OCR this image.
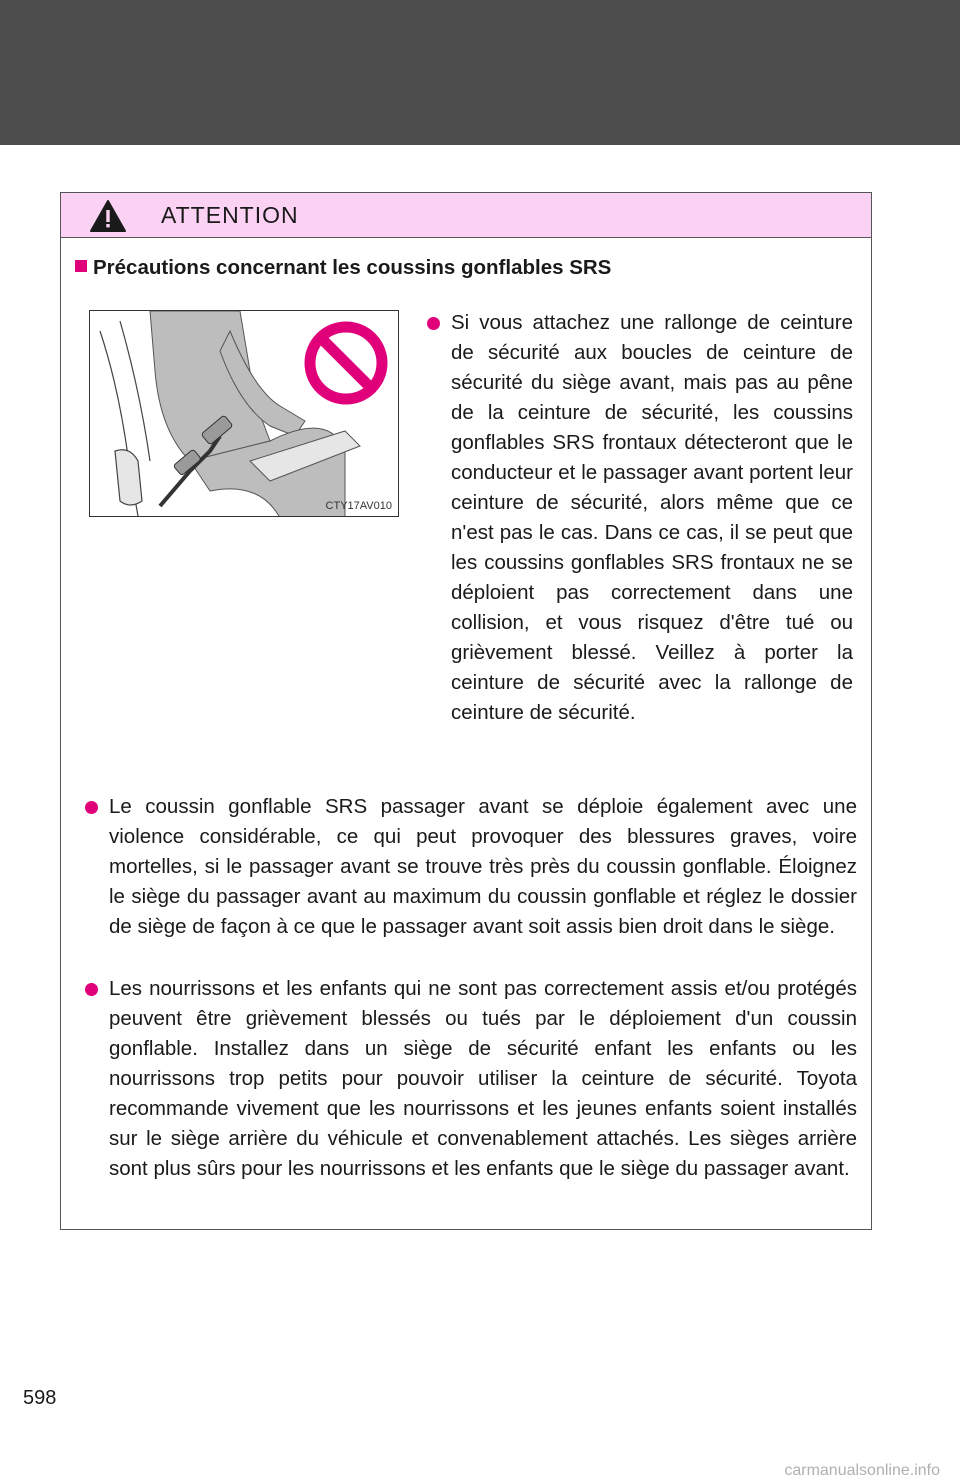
ATTENTION
Précautions concernant les coussins gonflables SRS
CTY17AV010
Si vous attachez une rallonge de ceinture de sécurité aux boucles de ceinture de sécurité du siège avant, mais pas au pêne de la ceinture de sécurité, les coussins gonflables SRS frontaux détecteront que le conducteur et le passager avant portent leur ceinture de sécurité, alors même que ce n'est pas le cas. Dans ce cas, il se peut que les coussins gonflables SRS frontaux ne se déploient pas correctement dans une collision, et vous risquez d'être tué ou grièvement blessé. Veillez à porter la ceinture de sécurité avec la rallonge de ceinture de sécurité.
Le coussin gonflable SRS passager avant se déploie également avec une violence considérable, ce qui peut provoquer des blessures graves, voire mortelles, si le passager avant se trouve très près du coussin gonflable. Éloignez le siège du passager avant au maximum du coussin gonflable et réglez le dossier de siège de façon à ce que le passager avant soit assis bien droit dans le siège.
Les nourrissons et les enfants qui ne sont pas correctement assis et/ou protégés peuvent être grièvement blessés ou tués par le déploiement d'un coussin gonflable. Installez dans un siège de sécurité enfant les enfants ou les nourrissons trop petits pour pouvoir utiliser la ceinture de sécurité. Toyota recommande vivement que les nourrissons et les jeunes enfants soient installés sur le siège arrière du véhicule et convenablement attachés. Les sièges arrière sont plus sûrs pour les nourrissons et les enfants que le siège du passager avant.
598
carmanualsonline.info
